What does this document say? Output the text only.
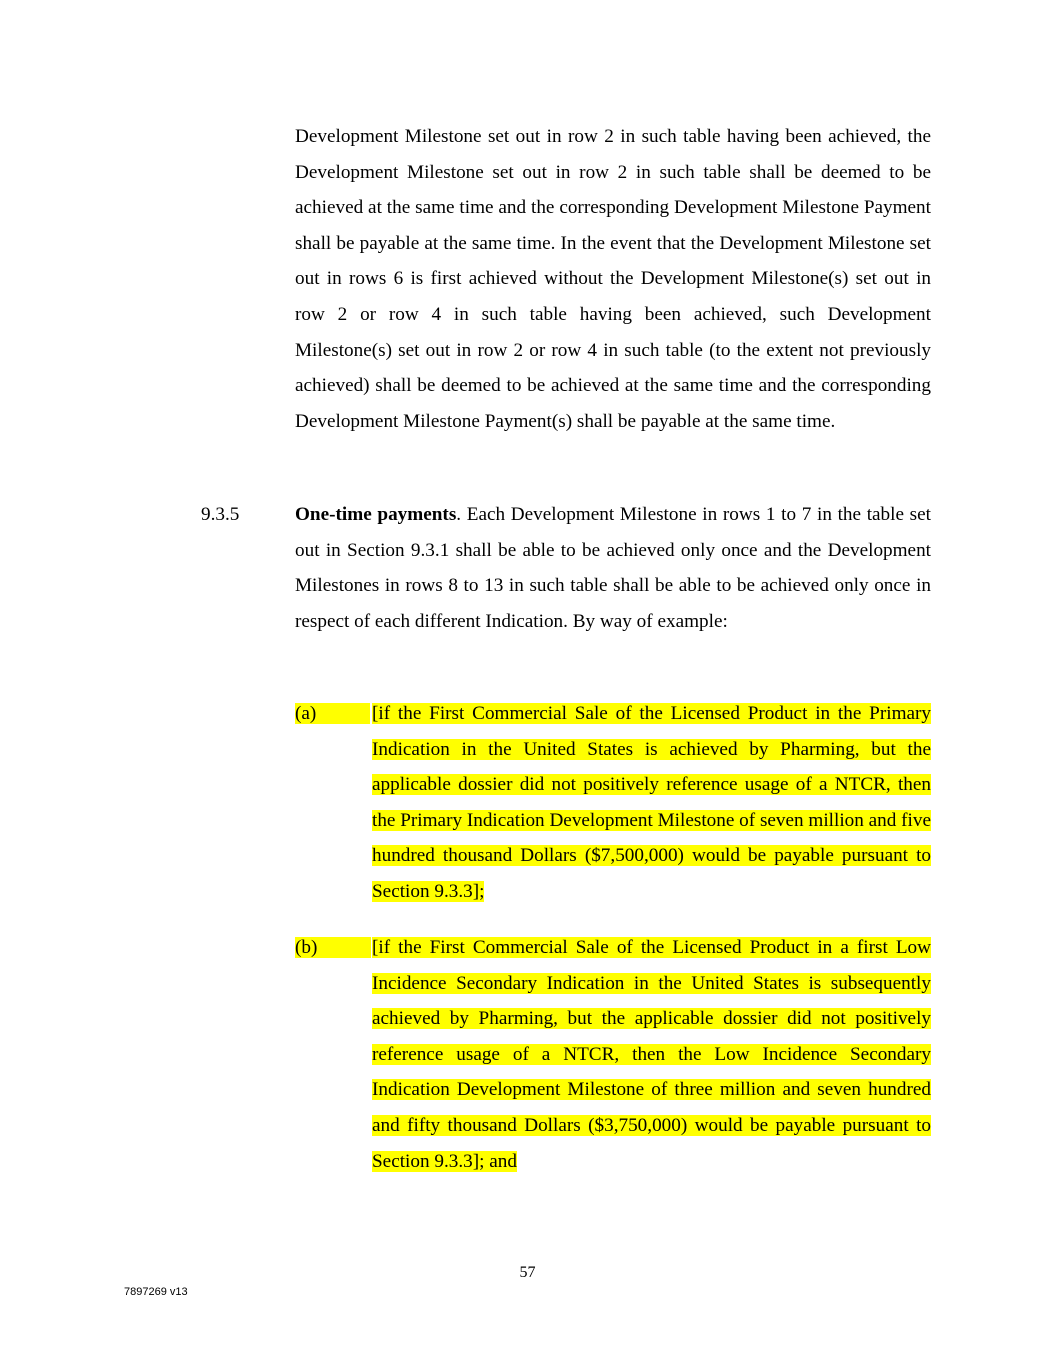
Development Milestone set out in row 2 in such table having been achieved, the Development Milestone set out in row 2 in such table shall be deemed to be achieved at the same time and the corresponding Development Milestone Payment shall be payable at the same time. In the event that the Development Milestone set out in rows 6 is first achieved without the Development Milestone(s) set out in row 2 or row 4 in such table having been achieved, such Development Milestone(s) set out in row 2 or row 4 in such table (to the extent not previously achieved) shall be deemed to be achieved at the same time and the corresponding Development Milestone Payment(s) shall be payable at the same time.
9.3.5	One-time payments. Each Development Milestone in rows 1 to 7 in the table set out in Section 9.3.1 shall be able to be achieved only once and the Development Milestones in rows 8 to 13 in such table shall be able to be achieved only once in respect of each different Indication. By way of example:
(a)	[if the First Commercial Sale of the Licensed Product in the Primary Indication in the United States is achieved by Pharming, but the applicable dossier did not positively reference usage of a NTCR, then the Primary Indication Development Milestone of seven million and five hundred thousand Dollars ($7,500,000) would be payable pursuant to Section 9.3.3];
(b)	[if the First Commercial Sale of the Licensed Product in a first Low Incidence Secondary Indication in the United States is subsequently achieved by Pharming, but the applicable dossier did not positively reference usage of a NTCR, then the Low Incidence Secondary Indication Development Milestone of three million and seven hundred and fifty thousand Dollars ($3,750,000) would be payable pursuant to Section 9.3.3]; and
57
7897269 v13
